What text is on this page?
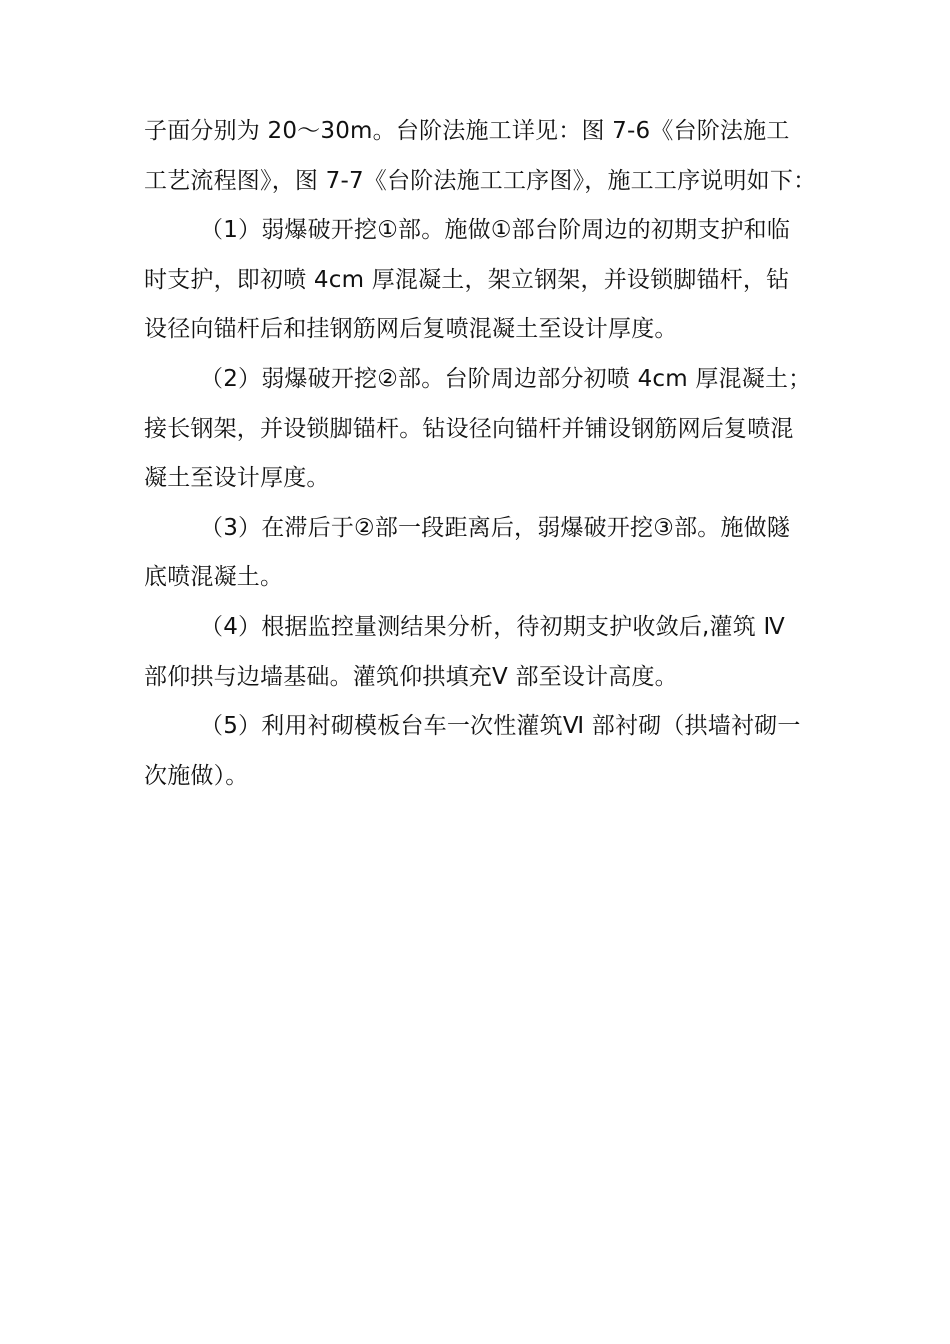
子面分别为 20～30m。台阶法施工详见：图 7-6《台阶法施工
工艺流程图》，图 7-7《台阶法施工工序图》，施工工序说明如下：
（1）弱爆破开挖①部。施做①部台阶周边的初期支护和临
时支护，即初喷 4cm 厚混凝土，架立钢架，并设锁脚锚杆，钻
设径向锚杆后和挂钢筋网后复喷混凝土至设计厚度。
（2）弱爆破开挖②部。台阶周边部分初喷 4cm 厚混凝土；
接长钢架，并设锁脚锚杆。钻设径向锚杆并铺设钢筋网后复喷混
凝土至设计厚度。
（3）在滞后于②部一段距离后，弱爆破开挖③部。施做隧
底喷混凝土。
（4）根据监控量测结果分析，待初期支护收敛后,灌筑 Ⅳ
部仰拱与边墙基础。灌筑仰拱填充Ⅴ 部至设计高度。
（5）利用衬砌模板台车一次性灌筑Ⅵ 部衬砌（拱墙衬砌一
次施做）。
